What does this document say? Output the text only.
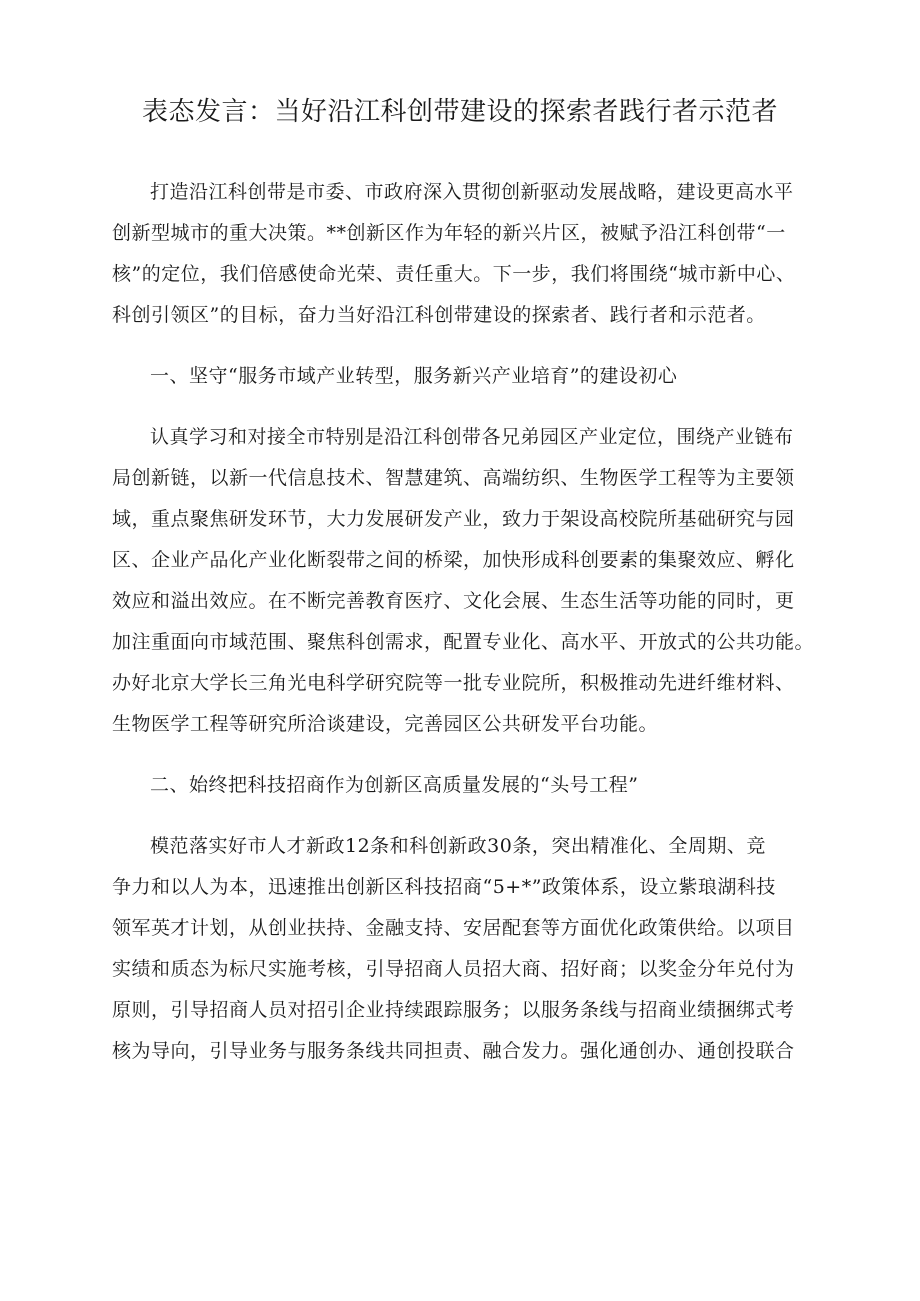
表态发言：当好沿江科创带建设的探索者践行者示范者

打造沿江科创带是市委、市政府深入贯彻创新驱动发展战略，建设更高水平
创新型城市的重大决策。**创新区作为年轻的新兴片区，被赋予沿江科创带“一
核”的定位，我们倍感使命光荣、责任重大。下一步，我们将围绕“城市新中心、
科创引领区”的目标，奋力当好沿江科创带建设的探索者、践行者和示范者。

一、坚守“服务市域产业转型，服务新兴产业培育”的建设初心

认真学习和对接全市特别是沿江科创带各兄弟园区产业定位，围绕产业链布
局创新链，以新一代信息技术、智慧建筑、高端纺织、生物医学工程等为主要领
域，重点聚焦研发环节，大力发展研发产业，致力于架设高校院所基础研究与园
区、企业产品化产业化断裂带之间的桥梁，加快形成科创要素的集聚效应、孵化
效应和溢出效应。在不断完善教育医疗、文化会展、生态生活等功能的同时，更
加注重面向市域范围、聚焦科创需求，配置专业化、高水平、开放式的公共功能。
办好北京大学长三角光电科学研究院等一批专业院所，积极推动先进纤维材料、
生物医学工程等研究所洽谈建设，完善园区公共研发平台功能。

二、始终把科技招商作为创新区高质量发展的“头号工程”

模范落实好市人才新政12条和科创新政30条，突出精准化、全周期、竞
争力和以人为本，迅速推出创新区科技招商“5+*”政策体系，设立紫琅湖科技
领军英才计划，从创业扶持、金融支持、安居配套等方面优化政策供给。以项目
实绩和质态为标尺实施考核，引导招商人员招大商、招好商；以奖金分年兑付为
原则，引导招商人员对招引企业持续跟踪服务；以服务条线与招商业绩捆绑式考
核为导向，引导业务与服务条线共同担责、融合发力。强化通创办、通创投联合
